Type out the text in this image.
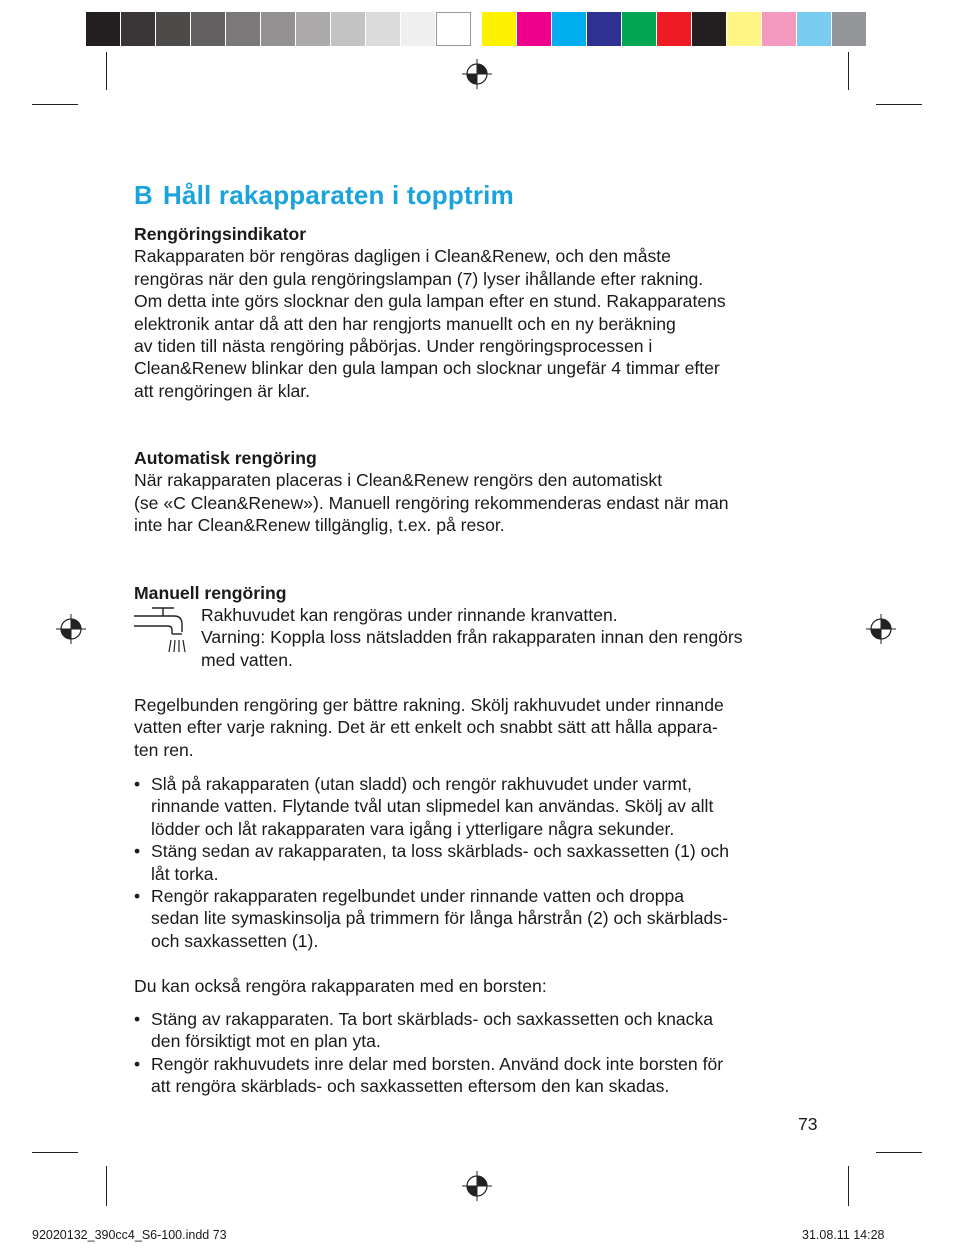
B Håll rakapparaten i topptrim
Rengöringsindikator

Rakapparaten bör rengöras dagligen i Clean&Renew, och den måste
rengöras när den gula rengöringslampan (7) lyser ihållande efter rakning.
Om detta inte görs slocknar den gula lampan efter en stund. Rakapparatens
elektronik antar då att den har rengjorts manuellt och en ny beräkning
av tiden till nästa rengöring påbörjas. Under rengöringsprocessen i
Clean&Renew blinkar den gula lampan och slocknar ungefär 4 timmar efter
att rengöringen är klar.

Automatisk rengöring

När rakapparaten placeras i Clean&Renew rengörs den automatiskt
(se «C Clean&Renew»). Manuell rengöring rekommenderas endast när man
inte har Clean&Renew tillgänglig, t.ex. på resor.

Manuell rengöring
Rakhuvudet kan rengöras under rinnande kranvatten.
Varning: Koppla loss nätsladden från rakapparaten innan den rengörs
med vatten.
Regelbunden rengöring ger bättre rakning. Skölj rakhuvudet under rinnande
vatten efter varje rakning. Det är ett enkelt och snabbt sätt att hålla appara-
ten ren.
• Slå på rakapparaten (utan sladd) och rengör rakhuvudet under varmt,
rinnande vatten. Flytande tvål utan slipmedel kan användas. Skölj av allt
lödder och låt rakapparaten vara igång i ytterligare några sekunder.
• Stäng sedan av rakapparaten, ta loss skärblads- och saxkassetten (1) och
låt torka.
• Rengör rakapparaten regelbundet under rinnande vatten och droppa
sedan lite symaskinsolja på trimmern för långa hårstrån (2) och skärblads-
och saxkassetten (1).
Du kan också rengöra rakapparaten med en borsten:
• Stäng av rakapparaten. Ta bort skärblads- och saxkassetten och knacka
den försiktigt mot en plan yta.
• Rengör rakhuvudets inre delar med borsten. Använd dock inte borsten för
att rengöra skärblads- och saxkassetten eftersom den kan skadas.
73
92020132_390cc4_S6-100.indd 73	31.08.11 14:28
